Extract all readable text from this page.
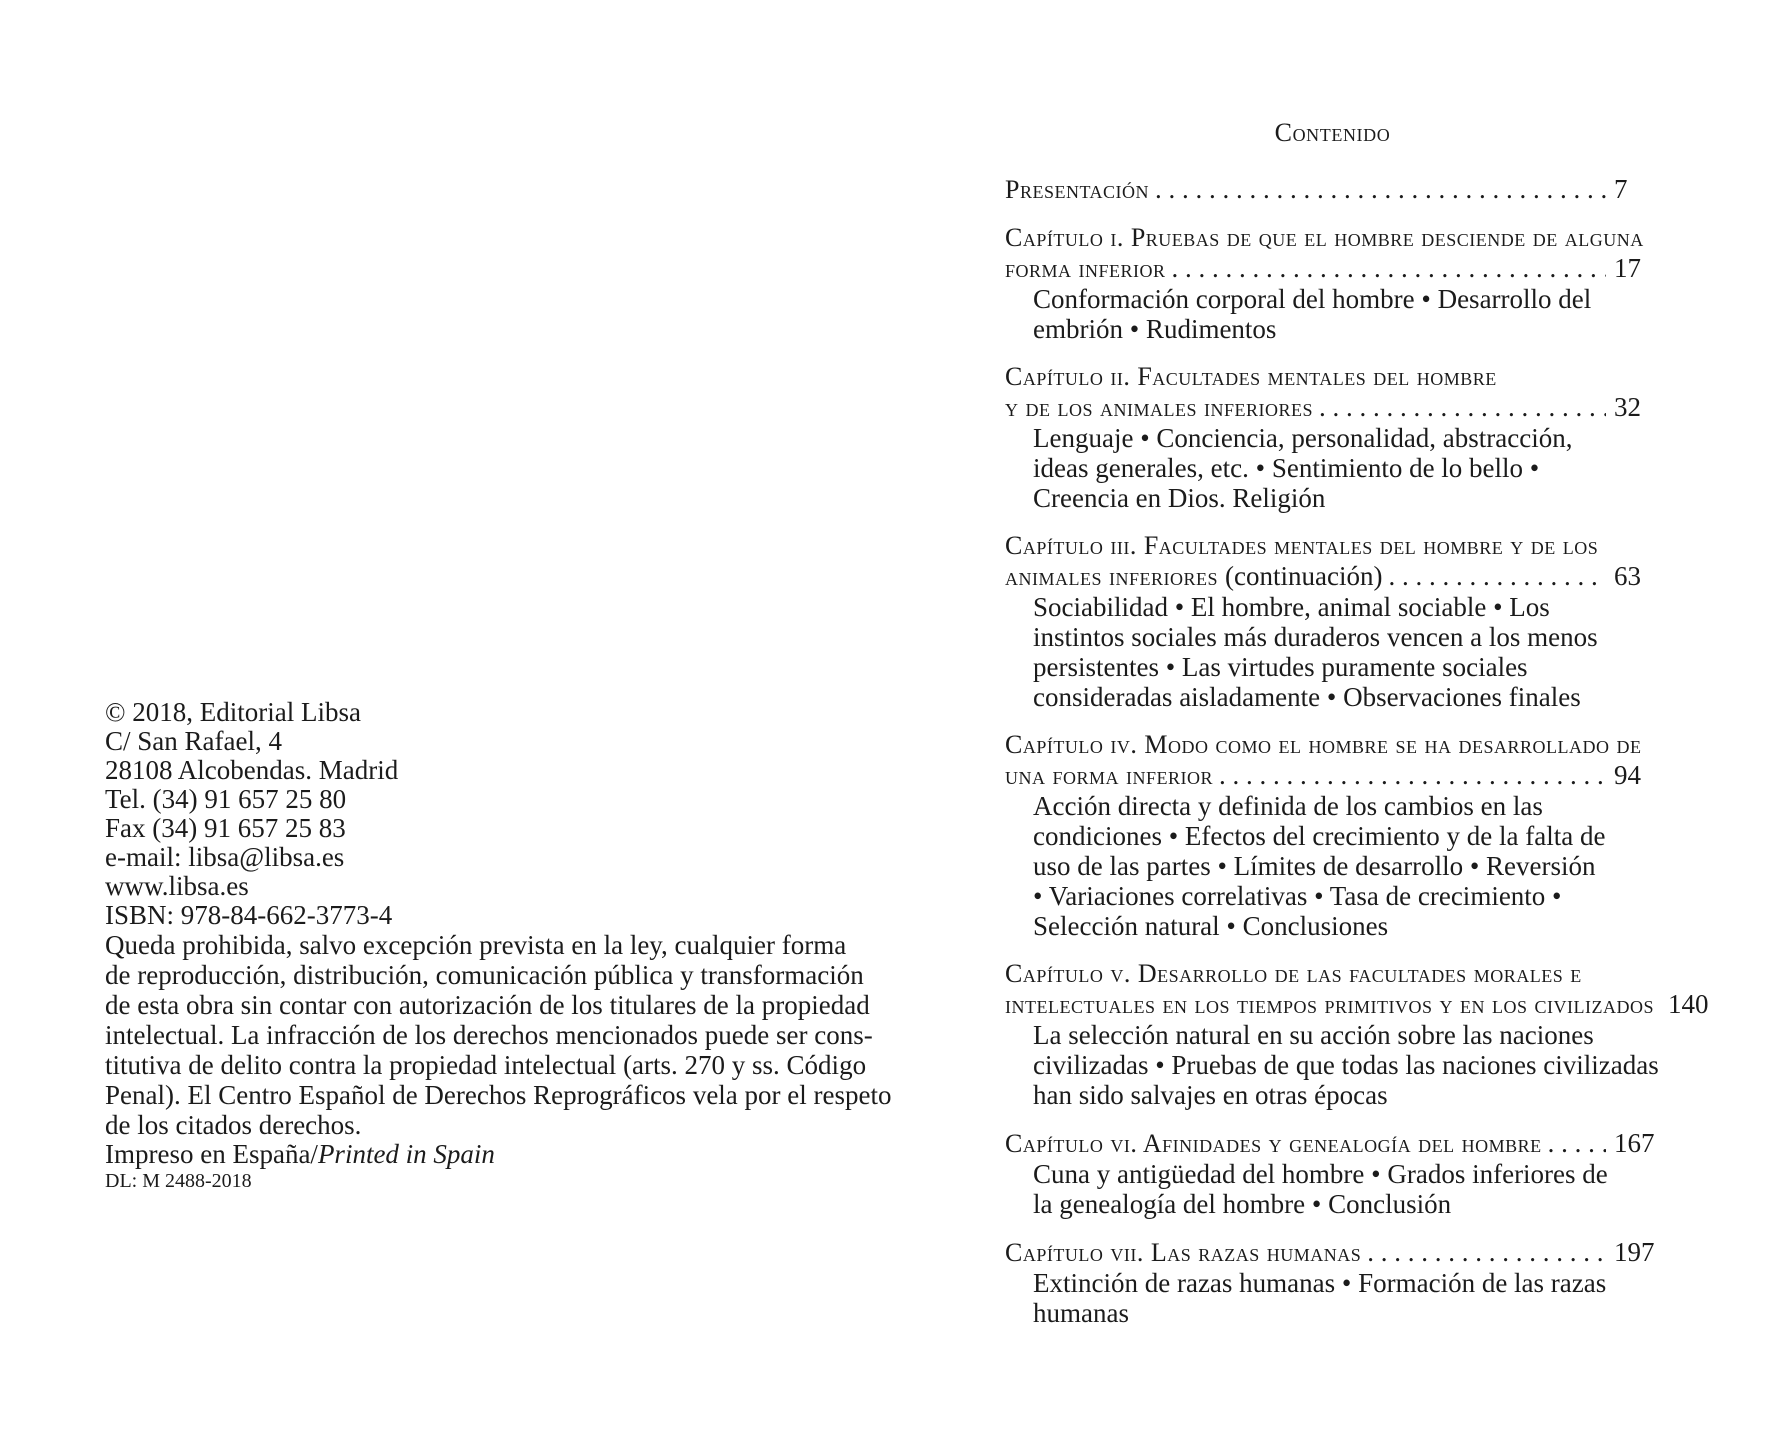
© 2018, Editorial Libsa
C/ San Rafael, 4
28108 Alcobendas. Madrid
Tel. (34) 91 657 25 80
Fax (34) 91 657 25 83
e-mail: libsa@libsa.es
www.libsa.es
ISBN: 978-84-662-3773-4
Queda prohibida, salvo excepción prevista en la ley, cualquier forma
de reproducción, distribución, comunicación pública y transformación
de esta obra sin contar con autorización de los titulares de la propiedad
intelectual. La infracción de los derechos mencionados puede ser cons-
titutiva de delito contra la propiedad intelectual (arts. 270 y ss. Código
Penal). El Centro Español de Derechos Reprográficos vela por el respeto
de los citados derechos.
Impreso en España/Printed in Spain
DL: M 2488-2018
Contenido
Presentación . . .	7
Capítulo i. Pruebas de que el hombre desciende de alguna
forma inferior . . .	17
Conformación corporal del hombre • Desarrollo del
embrión • Rudimentos
Capítulo ii. Facultades mentales del hombre
y de los animales inferiores . . .	32
Lenguaje • Conciencia, personalidad, abstracción,
ideas generales, etc. • Sentimiento de lo bello •
Creencia en Dios. Religión
Capítulo iii. Facultades mentales del hombre y de los
animales inferiores (continuación) . . .	63
Sociabilidad • El hombre, animal sociable • Los
instintos sociales más duraderos vencen a los menos
persistentes • Las virtudes puramente sociales
consideradas aisladamente • Observaciones finales
Capítulo iv. Modo como el hombre se ha desarrollado de
una forma inferior . . .	94
Acción directa y definida de los cambios en las
condiciones • Efectos del crecimiento y de la falta de
uso de las partes • Límites de desarrollo • Reversión
• Variaciones correlativas • Tasa de crecimiento •
Selección natural • Conclusiones
Capítulo v. Desarrollo de las facultades morales e
intelectuales en los tiempos primitivos y en los civilizados 140
La selección natural en su acción sobre las naciones
civilizadas • Pruebas de que todas las naciones civilizadas
han sido salvajes en otras épocas
Capítulo vi. Afinidades y genealogía del hombre . . .	167
Cuna y antigüedad del hombre • Grados inferiores de
la genealogía del hombre • Conclusión
Capítulo vii. Las razas humanas . . .	197
Extinción de razas humanas • Formación de las razas
humanas
